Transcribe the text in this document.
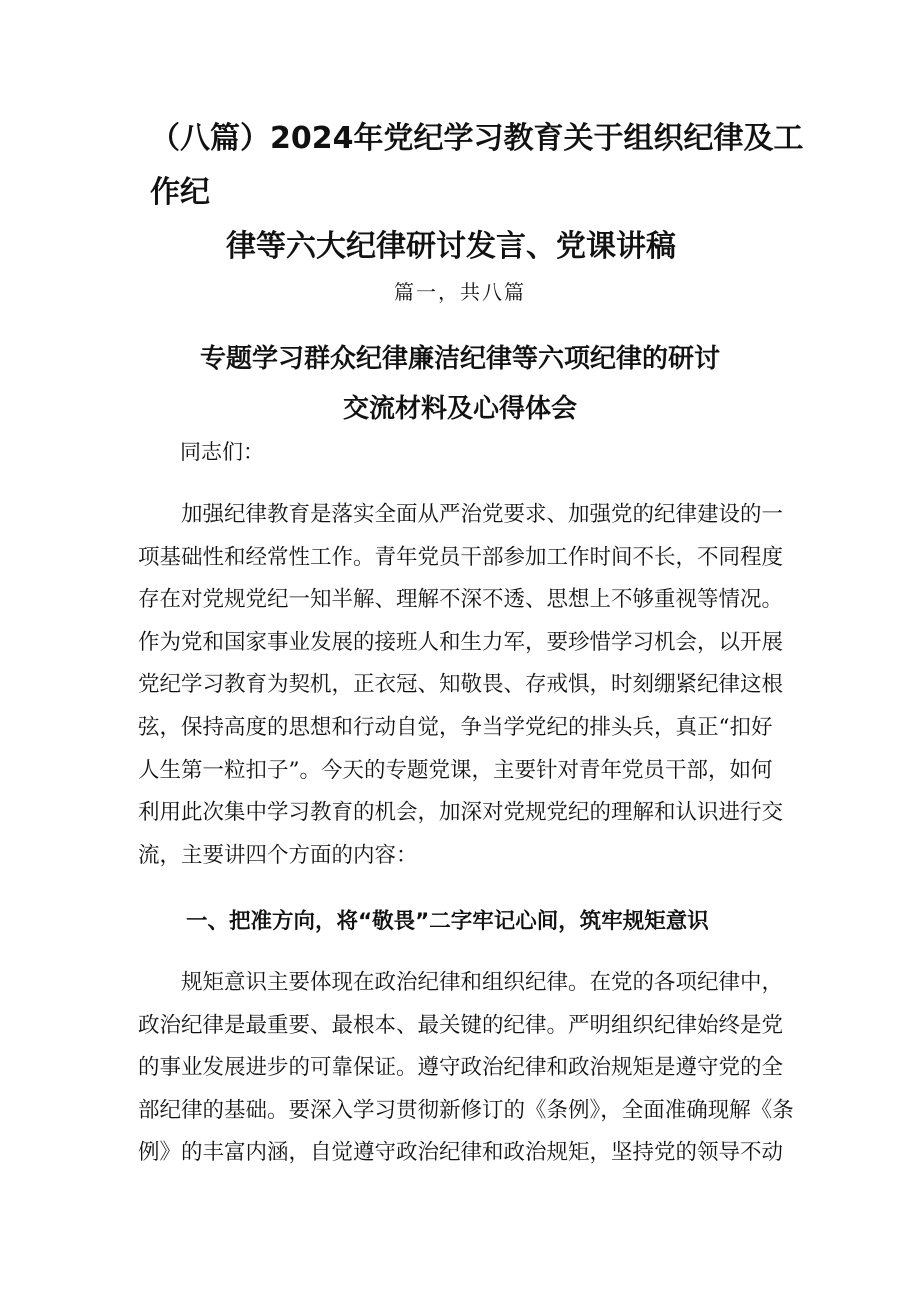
（八篇）2024年党纪学习教育关于组织纪律及工作纪
律等六大纪律研讨发言、党课讲稿
篇一，共八篇
专题学习群众纪律廉洁纪律等六项纪律的研讨
交流材料及心得体会
同志们：

　　加强纪律教育是落实全面从严治党要求、加强党的纪律建设的一
项基础性和经常性工作。青年党员干部参加工作时间不长，不同程度
存在对党规党纪一知半解、理解不深不透、思想上不够重视等情况。
作为党和国家事业发展的接班人和生力军，要珍惜学习机会，以开展
党纪学习教育为契机，正衣冠、知敬畏、存戒惧，时刻绷紧纪律这根
弦，保持高度的思想和行动自觉，争当学党纪的排头兵，真正“扣好
人生第一粒扣子”。今天的专题党课，主要针对青年党员干部，如何
利用此次集中学习教育的机会，加深对党规党纪的理解和认识进行交
流，主要讲四个方面的内容：

一、把准方向，将“敬畏”二字牢记心间，筑牢规矩意识

　　规矩意识主要体现在政治纪律和组织纪律。在党的各项纪律中，
政治纪律是最重要、最根本、最关键的纪律。严明组织纪律始终是党
的事业发展进步的可靠保证。遵守政治纪律和政治规矩是遵守党的全
部纪律的基础。要深入学习贯彻新修订的《条例》，全面准确现解《条
例》的丰富内涵，自觉遵守政治纪律和政治规矩，坚持党的领导不动
